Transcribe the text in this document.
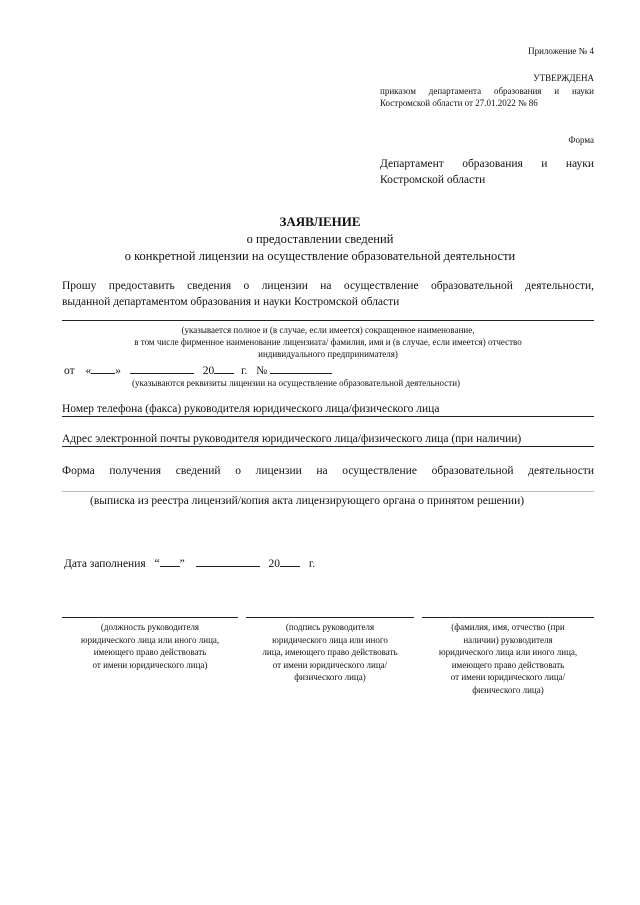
Приложение № 4
УТВЕРЖДЕНА
приказом департамента образования и науки
Костромской области от 27.01.2022 № 86
Форма
Департамент образования и науки
Костромской области
ЗАЯВЛЕНИЕ
о предоставлении сведений
о конкретной лицензии на осуществление образовательной деятельности
Прошу предоставить сведения о лицензии на осуществление образовательной деятельности,
выданной департаментом образования и науки Костромской области
(указывается полное и (в случае, если имеется) сокращенное наименование,
в том числе фирменное наименование лицензиата/ фамилия, имя и (в случае, если имеется) отчество
индивидуального предпринимателя)
от « »	20 г. №
(указываются реквизиты лицензии на осуществление образовательной деятельности)
Номер телефона (факса) руководителя юридического лица/физического лица
Адрес электронной почты руководителя юридического лица/физического лица (при наличии)
Форма получения сведений о лицензии на осуществление образовательной деятельности
(выписка из реестра лицензий/копия акта лицензирующего органа о принятом решении)
Дата заполнения “ ”	20	г.
(должность руководителя
юридического лица или иного лица,
имеющего право действовать
от имени юридического лица)
(подпись руководителя
юридического лица или иного
лица, имеющего право действовать
от имени юридического лица/
физического лица)
(фамилия, имя, отчество (при
наличии) руководителя
юридического лица или иного лица,
имеющего право действовать
от имени юридического лица/
физического лица)
